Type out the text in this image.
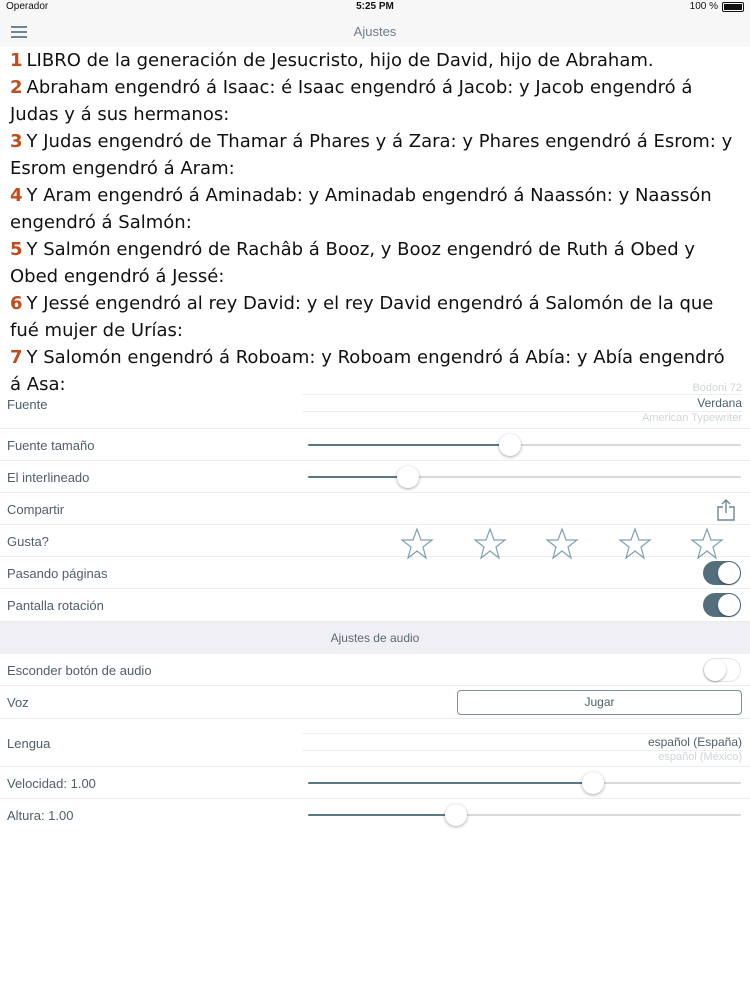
Operador	5:25 PM	100 %
Ajustes

1 LIBRO de la generación de Jesucristo, hijo de David, hijo de Abraham.

2 Abraham engendró á Isaac: é Isaac engendró á Jacob: y Jacob engendró á Judas y á sus hermanos:

3 Y Judas engendró de Thamar á Phares y á Zara: y Phares engendró á Esrom: y Esrom engendró á Aram:

4 Y Aram engendró á Aminadab: y Aminadab engendró á Naassón: y Naassón engendró á Salmón:

5 Y Salmón engendró de Rachâb á Booz, y Booz engendró de Ruth á Obed y Obed engendró á Jessé:

6 Y Jessé engendró al rey David: y el rey David engendró á Salomón de la que fué mujer de Urías:

7 Y Salomón engendró á Roboam: y Roboam engendró á Abía: y Abía engendró á Asa:

Fuente
Bodoni 72
Verdana
American Typewriter
Fuente tamaño
El interlineado
Compartir
Gusta?
Pasando páginas
Pantalla rotación
Ajustes de audio
Esconder botón de audio
Voz	Jugar
Lengua	español (España)
español (México)
Velocidad: 1.00
Altura: 1.00
